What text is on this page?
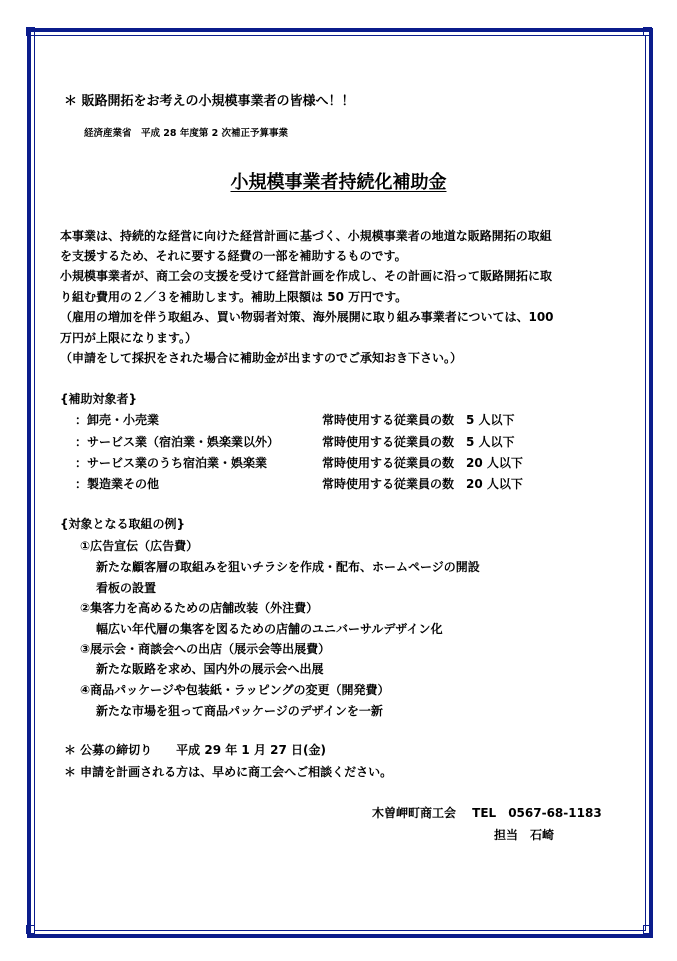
＊ 販路開拓をお考えの小規模事業者の皆様へ！！
経済産業省　平成 28 年度第 2 次補正予算事業
小規模事業者持続化補助金
本事業は、持続的な経営に向けた経営計画に基づく、小規模事業者の地道な販路開拓の取組
を支援するため、それに要する経費の一部を補助するものです。
小規模事業者が、商工会の支援を受けて経営計画を作成し、その計画に沿って販路開拓に取
り組む費用の２／３を補助します。補助上限額は 50 万円です。
（雇用の増加を伴う取組み、買い物弱者対策、海外展開に取り組み事業者については、100
万円が上限になります。）
（申請をして採択をされた場合に補助金が出ますのでご承知おき下さい。）
{補助対象者}
：卸売・小売業	常時使用する従業員の数　5 人以下
：サービス業（宿泊業・娯楽業以外）	常時使用する従業員の数　5 人以下
：サービス業のうち宿泊業・娯楽業	常時使用する従業員の数　20 人以下
：製造業その他	常時使用する従業員の数　20 人以下
{対象となる取組の例}
①広告宣伝（広告費）
新たな顧客層の取組みを狙いチラシを作成・配布、ホームページの開設
看板の設置
②集客力を高めるための店舗改装（外注費）
幅広い年代層の集客を図るための店舗のユニバーサルデザイン化
③展示会・商談会への出店（展示会等出展費）
新たな販路を求め、国内外の展示会へ出展
④商品パッケージや包装紙・ラッピングの変更（開発費）
新たな市場を狙って商品パッケージのデザインを一新
＊ 公募の締切り　　平成 29 年 1 月 27 日(金)
＊ 申請を計画される方は、早めに商工会へご相談ください。
木曽岬町商工会　 TEL　0567-68-1183
担当　石崎
